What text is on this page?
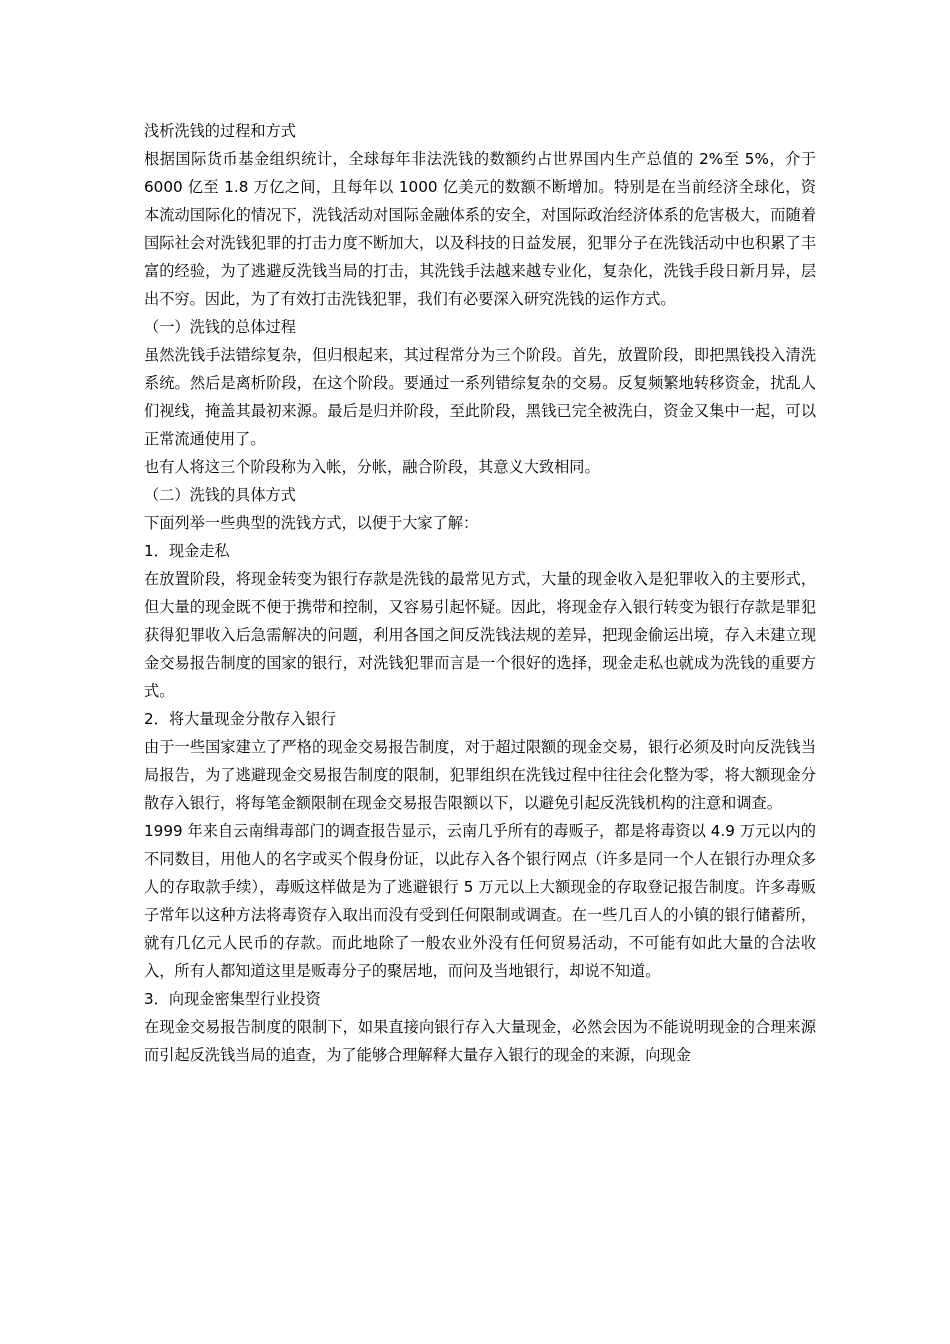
浅析洗钱的过程和方式

根据国际货币基金组织统计，全球每年非法洗钱的数额约占世界国内生产总值的 2%至 5%，介于 6000 亿至 1.8 万亿之间，且每年以 1000 亿美元的数额不断增加。特别是在当前经济全球化，资本流动国际化的情况下，洗钱活动对国际金融体系的安全，对国际政治经济体系的危害极大，而随着国际社会对洗钱犯罪的打击力度不断加大，以及科技的日益发展，犯罪分子在洗钱活动中也积累了丰富的经验，为了逃避反洗钱当局的打击，其洗钱手法越来越专业化，复杂化，洗钱手段日新月异，层出不穷。因此，为了有效打击洗钱犯罪，我们有必要深入研究洗钱的运作方式。

（一）洗钱的总体过程

虽然洗钱手法错综复杂，但归根起来，其过程常分为三个阶段。首先，放置阶段，即把黑钱投入清洗系统。然后是离析阶段，在这个阶段。要通过一系列错综复杂的交易。反复频繁地转移资金，扰乱人们视线，掩盖其最初来源。最后是归并阶段，至此阶段，黑钱已完全被洗白，资金又集中一起，可以正常流通使用了。

也有人将这三个阶段称为入帐，分帐，融合阶段，其意义大致相同。

（二）洗钱的具体方式

下面列举一些典型的洗钱方式，以便于大家了解：

1．现金走私

在放置阶段，将现金转变为银行存款是洗钱的最常见方式，大量的现金收入是犯罪收入的主要形式，但大量的现金既不便于携带和控制，又容易引起怀疑。因此，将现金存入银行转变为银行存款是罪犯获得犯罪收入后急需解决的问题，利用各国之间反洗钱法规的差异，把现金偷运出境，存入未建立现金交易报告制度的国家的银行，对洗钱犯罪而言是一个很好的选择，现金走私也就成为洗钱的重要方式。

2．将大量现金分散存入银行

由于一些国家建立了严格的现金交易报告制度，对于超过限额的现金交易，银行必须及时向反洗钱当局报告，为了逃避现金交易报告制度的限制，犯罪组织在洗钱过程中往往会化整为零，将大额现金分散存入银行，将每笔金额限制在现金交易报告限额以下，以避免引起反洗钱机构的注意和调查。

1999 年来自云南缉毒部门的调查报告显示，云南几乎所有的毒贩子，都是将毒资以 4.9 万元以内的不同数目，用他人的名字或买个假身份证，以此存入各个银行网点（许多是同一个人在银行办理众多人的存取款手续），毒贩这样做是为了逃避银行 5 万元以上大额现金的存取登记报告制度。许多毒贩子常年以这种方法将毒资存入取出而没有受到任何限制或调查。在一些几百人的小镇的银行储蓄所，就有几亿元人民币的存款。而此地除了一般农业外没有任何贸易活动，不可能有如此大量的合法收入，所有人都知道这里是贩毒分子的聚居地，而问及当地银行，却说不知道。

3．向现金密集型行业投资

在现金交易报告制度的限制下，如果直接向银行存入大量现金，必然会因为不能说明现金的合理来源而引起反洗钱当局的追查，为了能够合理解释大量存入银行的现金的来源，向现金
